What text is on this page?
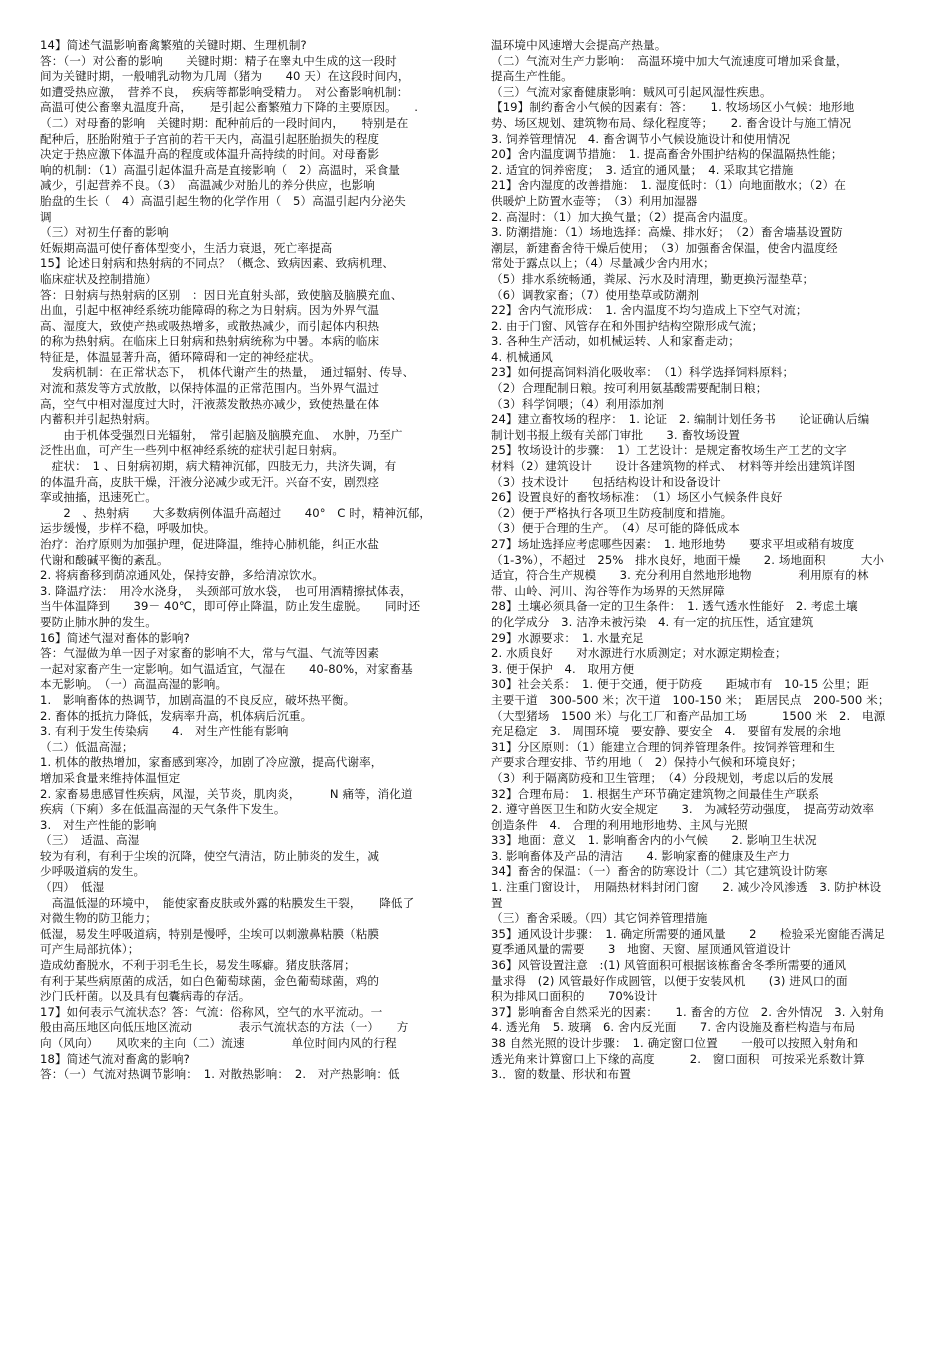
14】简述气温影响畜禽繁殖的关键时期、生理机制?
答：（一）对公畜的影响　　关键时期：精子在睾丸中生成的这一段时
间为关键时期，一般哺乳动物为几周（猪为　　40 天）在这段时间内，
如遭受热应激，　营养不良，　疾病等都影响受精力。　对公畜影响机制：
高温可使公畜睾丸温度升高，　　是引起公畜繁殖力下降的主要原因。　　.
（二）对母畜的影响　关键时期：配种前后的一段时间内，　　特别是在
配种后，胚胎附殖于子宫前的若干天内，高温引起胚胎损失的程度
决定于热应激下体温升高的程度或体温升高持续的时间。对母畜影
响的机制：（1）高温引起体温升高是直接影响（　2）高温时，采食量
减少，引起营养不良。（3）　高温减少对胎儿的养分供应，也影响
胎盘的生长（　4）高温引起生物的化学作用（　5）高温引起内分泌失
调
（三）对初生仔畜的影响
妊娠期高温可使仔畜体型变小，生活力衰退，死亡率提高
15】论述日射病和热射病的不同点？（概念、致病因素、致病机理、
临床症状及控制措施）
答：日射病与热射病的区别　：因日光直射头部，致使脑及脑膜充血、
出血，引起中枢神经系统功能障碍的称之为日射病。因为外界气温
高、湿度大，致使产热或吸热增多，或散热减少，而引起体内积热
的称为热射病。在临床上日射病和热射病统称为中暑。本病的临床
特征是，体温显著升高，循环障碍和一定的神经症状。
　发病机制：在正常状态下，　机体代谢产生的热量，　通过辐射、传导、
对流和蒸发等方式放散，以保持体温的正常范围内。当外界气温过
高，空气中相对湿度过大时，汗液蒸发散热亦减少，致使热量在体
内蓄积并引起热射病。
　　由于机体受强烈日光辐射，　常引起脑及脑膜充血、　水肿，乃至广
泛性出血，可产生一些列中枢神经系统的症状引起日射病。
　症状：　1 、日射病初期，病犬精神沉郁，四肢无力，共济失调，有
的体温升高，皮肤干燥，汗液分泌减少或无汗。兴奋不安，剧烈痉
挛或抽搐，迅速死亡。
　　2　、热射病　　大多数病例体温升高超过　　40°　C 时，精神沉郁，
运步缓慢，步样不稳，呼吸加快。
治疗：治疗原则为加强护理，促进降温，维持心肺机能，纠正水盐
代谢和酸碱平衡的紊乱。
2. 将病畜移到荫凉通风处，保持安静，多给清凉饮水。
3. 降温疗法：　用冷水浇身，　头颈部可放水袋，　也可用酒精擦拭体表，
当牛体温降到　　39－ 40℃，即可停止降温，防止发生虚脱。　　同时还
要防止肺水肿的发生。
16】简述气湿对畜体的影响?
答：气湿做为单一因子对家畜的影响不大，常与气温、气流等因素
一起对家畜产生一定影响。如气温适宜，气湿在　　40-80%，对家畜基
本无影响。　（一）高温高湿的影响。
1.　影响畜体的热调节，加剧高温的不良反应，破坏热平衡。
2. 畜体的抵抗力降低，发病率升高，机体病后沉重。
3. 有利于发生传染病　　4.　对生产性能有影响
（二）低温高湿；
1. 机体的散热增加，家畜感到寒冷，加剧了冷应激，提高代谢率，
增加采食量来维持体温恒定
2. 家畜易患感冒性疾病，风湿，关节炎，肌肉炎，　　　N 痛等，消化道
疾病（下痢）多在低温高湿的天气条件下发生。
3.　对生产性能的影响
（三）　适温、高湿
较为有利，有利于尘埃的沉降，使空气清洁，防止肺炎的发生，减
少呼吸道病的发生。
（四）　低湿
　高温低湿的环境中，　能使家畜皮肤或外露的粘膜发生干裂，　　降低了
对微生物的防卫能力；
低湿，易发生呼吸道病，特别是慢呼，尘埃可以刺激鼻粘膜（粘膜
可产生局部抗体）；
造成幼畜脱水，不利于羽毛生长，易发生啄癖。猪皮肤落屑；
有利于某些病原菌的成活，如白色葡萄球菌，金色葡萄球菌，鸡的
沙门氏杆菌。以及具有包囊病毒的存活。
17】如何表示气流状态？答：气流：俗称风，空气的水平流动。一
般由高压地区向低压地区流动　　　　表示气流状态的方法（一）　　方
向（风向）　　风吹来的主向（二）流速　　　　单位时间内风的行程
18】简述气流对畜禽的影响?
答：（一）气流对热调节影响：　1. 对散热影响：　2.　对产热影响：低
温环境中风速增大会提高产热量。
（二）气流对生产力影响：　高温环境中加大气流速度可增加采食量，
提高生产性能。
（三）气流对家畜健康影响：贼风可引起风湿性疾患。
【19】制约畜舍小气候的因素有：答：　　1. 牧场场区小气候：地形地
势、场区规划、建筑物布局、绿化程度等；　　2. 畜舍设计与施工情况
3. 饲养管理情况　4. 畜舍调节小气候设施设计和使用情况
20】舍内温度调节措施：　1. 提高畜舍外围护结构的保温隔热性能；
2. 适宜的饲养密度；　3. 适宜的通风量；　4. 采取其它措施
21】舍内湿度的改善措施：　1. 湿度低时：（1）向地面散水；（2）在
供暖炉上防置水壶等；　（3）利用加湿器
2. 高湿时：（1）加大换气量；（2）提高舍内温度。
3. 防潮措施：（1）场地选择：高燥、排水好；　（2）畜舍墙基设置防
潮层，新建畜舍待干燥后使用；　（3）加强畜舍保温，使舍内温度经
常处于露点以上；（4）尽量减少舍内用水；
（5）排水系统畅通，粪尿、污水及时清理，勤更换污湿垫草；
（6）调教家畜；（7）使用垫草或防潮剂
22】舍内气流形成：　1. 舍内温度不均匀造成上下空气对流；
2. 由于门窗、风管存在和外围护结构空隙形成气流；
3. 各种生产活动，如机械运转、人和家畜走动；
4. 机械通风
23】如何提高饲料消化吸收率：　（1）科学选择饲料原料；
（2）合理配制日粮。按可利用氨基酸需要配制日粮；
（3）科学饲喂；（4）利用添加剂
24】建立畜牧场的程序：　1. 论证　2. 编制计划任务书　　论证确认后编
制计划书报上级有关部门审批　　3. 畜牧场设置
25】牧场设计的步骤：　1）工艺设计：是规定畜牧场生产工艺的文字
材料（2）建筑设计　　设计各建筑物的样式、　材料等并绘出建筑详图
（3）技术设计　　包括结构设计和设备设计
26】设置良好的畜牧场标准：　（1）场区小气候条件良好
（2）便于严格执行各项卫生防疫制度和措施。
（3）便于合理的生产。　（4）尽可能的降低成本
27】场址选择应考虑哪些因素：　1. 地形地势　　要求平坦或稍有坡度
（1-3%），不超过　25%　排水良好，地面干燥　　2. 场地面积　　　大小
适宜，符合生产规模　　3. 充分利用自然地形地物　　　　利用原有的林
带、山岭、河川、沟谷等作为场界的天然屏障
28】土壤必须具备一定的卫生条件：　1. 透气透水性能好　2. 考虑土壤
的化学成分　3. 洁净未被污染　4. 有一定的抗压性，适宜建筑
29】水源要求：　1. 水量充足
2. 水质良好　　对水源进行水质测定；对水源定期检查；
3. 便于保护　4.　取用方便
30】社会关系：　1. 便于交通，便于防疫　　距城市有　10-15 公里；距
主要干道　300-500 米；次干道　100-150 米；　距居民点　200-500 米；
（大型猪场　1500 米）与化工厂和畜产品加工场　　　1500 米　2.　电源
充足稳定　3.　周围环境　要安静、要安全　4.　要留有发展的余地
31】分区原则：（1）能建立合理的饲养管理条件。按饲养管理和生
产要求合理安排、节约用地（　2）保持小气候和环境良好；
（3）利于隔离防疫和卫生管理；　（4）分段规划，考虑以后的发展
32】合理布局：　1. 根据生产环节确定建筑物之间最佳生产联系
2. 遵守兽医卫生和防火安全规定　　3.　为减轻劳动强度，　提高劳动效率
创造条件　4.　合理的利用地形地势、主风与光照
33】地面：意义　1. 影响畜舍内的小气候　　2. 影响卫生状况
3. 影响畜体及产品的清洁　　4. 影响家畜的健康及生产力
34】畜舍的保温：（一）畜舍的防寒设计（二）其它建筑设计防寒
1. 注重门窗设计，　用隔热材料封闭门窗　　2. 减少冷风渗透　3. 防护林设
置
（三）畜舍采暖。（四）其它饲养管理措施
35】通风设计步骤：　1. 确定所需要的通风量　　2　　检验采光窗能否满足
夏季通风量的需要　　3　地窗、天窗、屋顶通风管道设计
36】风管设置注意　:(1) 风管面积可根据该栋畜舍冬季所需要的通风
量求得　(2) 风管最好作成圆管，以便于安装风机　　(3) 进风口的面
积为排风口面积的　　70%设计
37】影响畜舍自然采光的因素：　　1. 畜舍的方位　2. 舍外情况　3. 入射角
4. 透光角　5. 玻璃　6. 舍内反光面　　7. 舍内设施及畜栏构造与布局
38 自然光照的设计步骤：　1. 确定窗口位置　　一般可以按照入射角和
透光角来计算窗口上下缘的高度　　　2.　窗口面积　可按采光系数计算
3.．窗的数量、形状和布置
